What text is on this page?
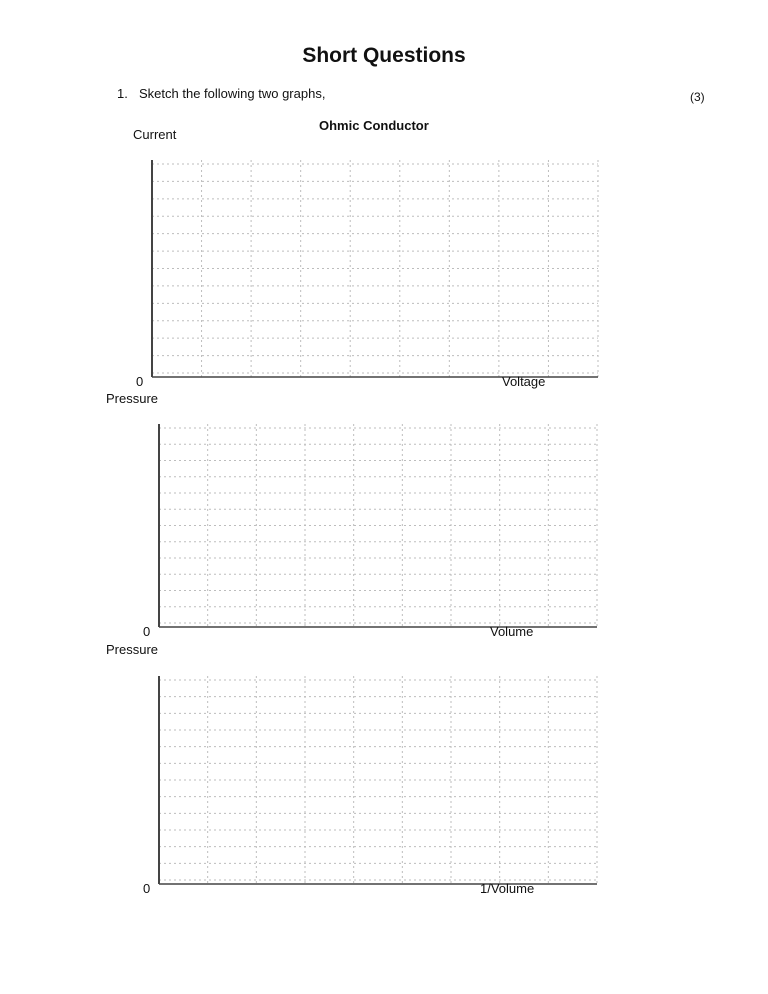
Short Questions
1. Sketch the following two graphs,	(3)
Ohmic Conductor
Current
0	Voltage
Pressure
0	Volume
Pressure
0	1/Volume
